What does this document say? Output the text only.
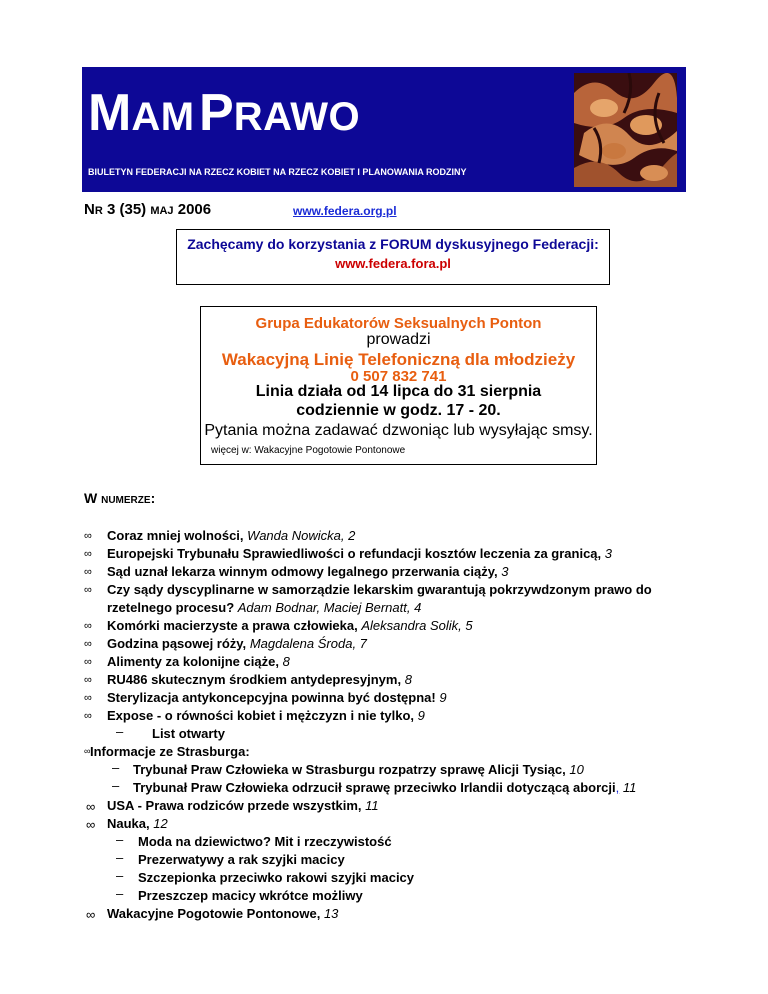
MAM PRAWO
BIULETYN FEDERACJI NA RZECZ KOBIET NA RZECZ KOBIET I PLANOWANIA RODZINY
NR 3 (35) MAJ 2006	www.federa.org.pl
Zachęcamy do korzystania z FORUM dyskusyjnego Federacji:
www.federa.fora.pl
Grupa Edukatorów Seksualnych Ponton
prowadzi
Wakacyjną Linię Telefoniczną dla młodzieży
0 507 832 741
Linia działa od 14 lipca do 31 sierpnia
codziennie w godz. 17 - 20.
Pytania można zadawać dzwoniąc lub wysyłając smsy.
więcej w: Wakacyjne Pogotowie Pontonowe
W NUMERZE:
∞ Coraz mniej wolności, Wanda Nowicka, 2
∞ Europejski Trybunału Sprawiedliwości o refundacji kosztów leczenia za granicą, 3
∞ Sąd uznał lekarza winnym odmowy legalnego przerwania ciąży, 3
∞ Czy sądy dyscyplinarne w samorządzie lekarskim gwarantują pokrzywdzonym prawo do
rzetelnego procesu? Adam Bodnar, Maciej Bernatt, 4
∞ Komórki macierzyste a prawa człowieka, Aleksandra Solik, 5
∞ Godzina pąsowej róży, Magdalena Środa, 7
∞ Alimenty za kolonijne ciąże, 8
∞ RU486 skutecznym środkiem antydepresyjnym, 8
∞ Sterylizacja antykoncepcyjna powinna być dostępna! 9
∞ Expose - o równości kobiet i mężczyzn i nie tylko, 9
– List otwarty
∞ Informacje ze Strasburga:
– Trybunał Praw Człowieka w Strasburgu rozpatrzy sprawę Alicji Tysiąc, 10
– Trybunał Praw Człowieka odrzucił sprawę przeciwko Irlandii dotyczącą aborcji, 11
∞ USA - Prawa rodziców przede wszystkim, 11
∞ Nauka, 12
– Moda na dziewictwo? Mit i rzeczywistość
– Prezerwatywy a rak szyjki macicy
– Szczepionka przeciwko rakowi szyjki macicy
– Przeszczep macicy wkrótce możliwy
∞ Wakacyjne Pogotowie Pontonowe, 13
